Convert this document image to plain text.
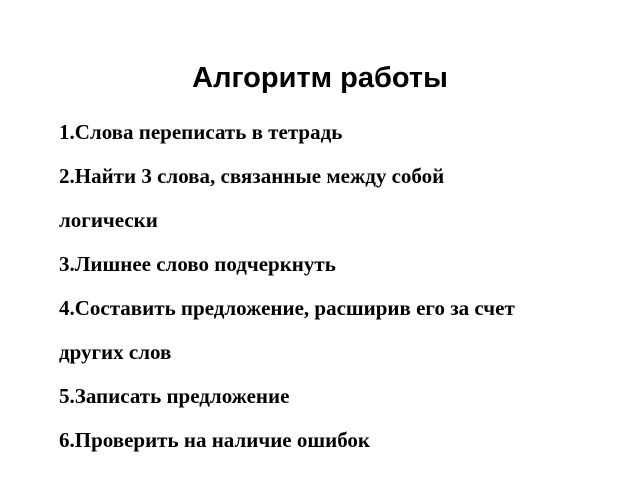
Алгоритм работы
1.Слова переписать в тетрадь
2.Найти 3 слова, связанные между собой
логически
3.Лишнее слово подчеркнуть
4.Составить предложение, расширив его за счет
других слов
5.Записать предложение
6.Проверить на наличие ошибок
